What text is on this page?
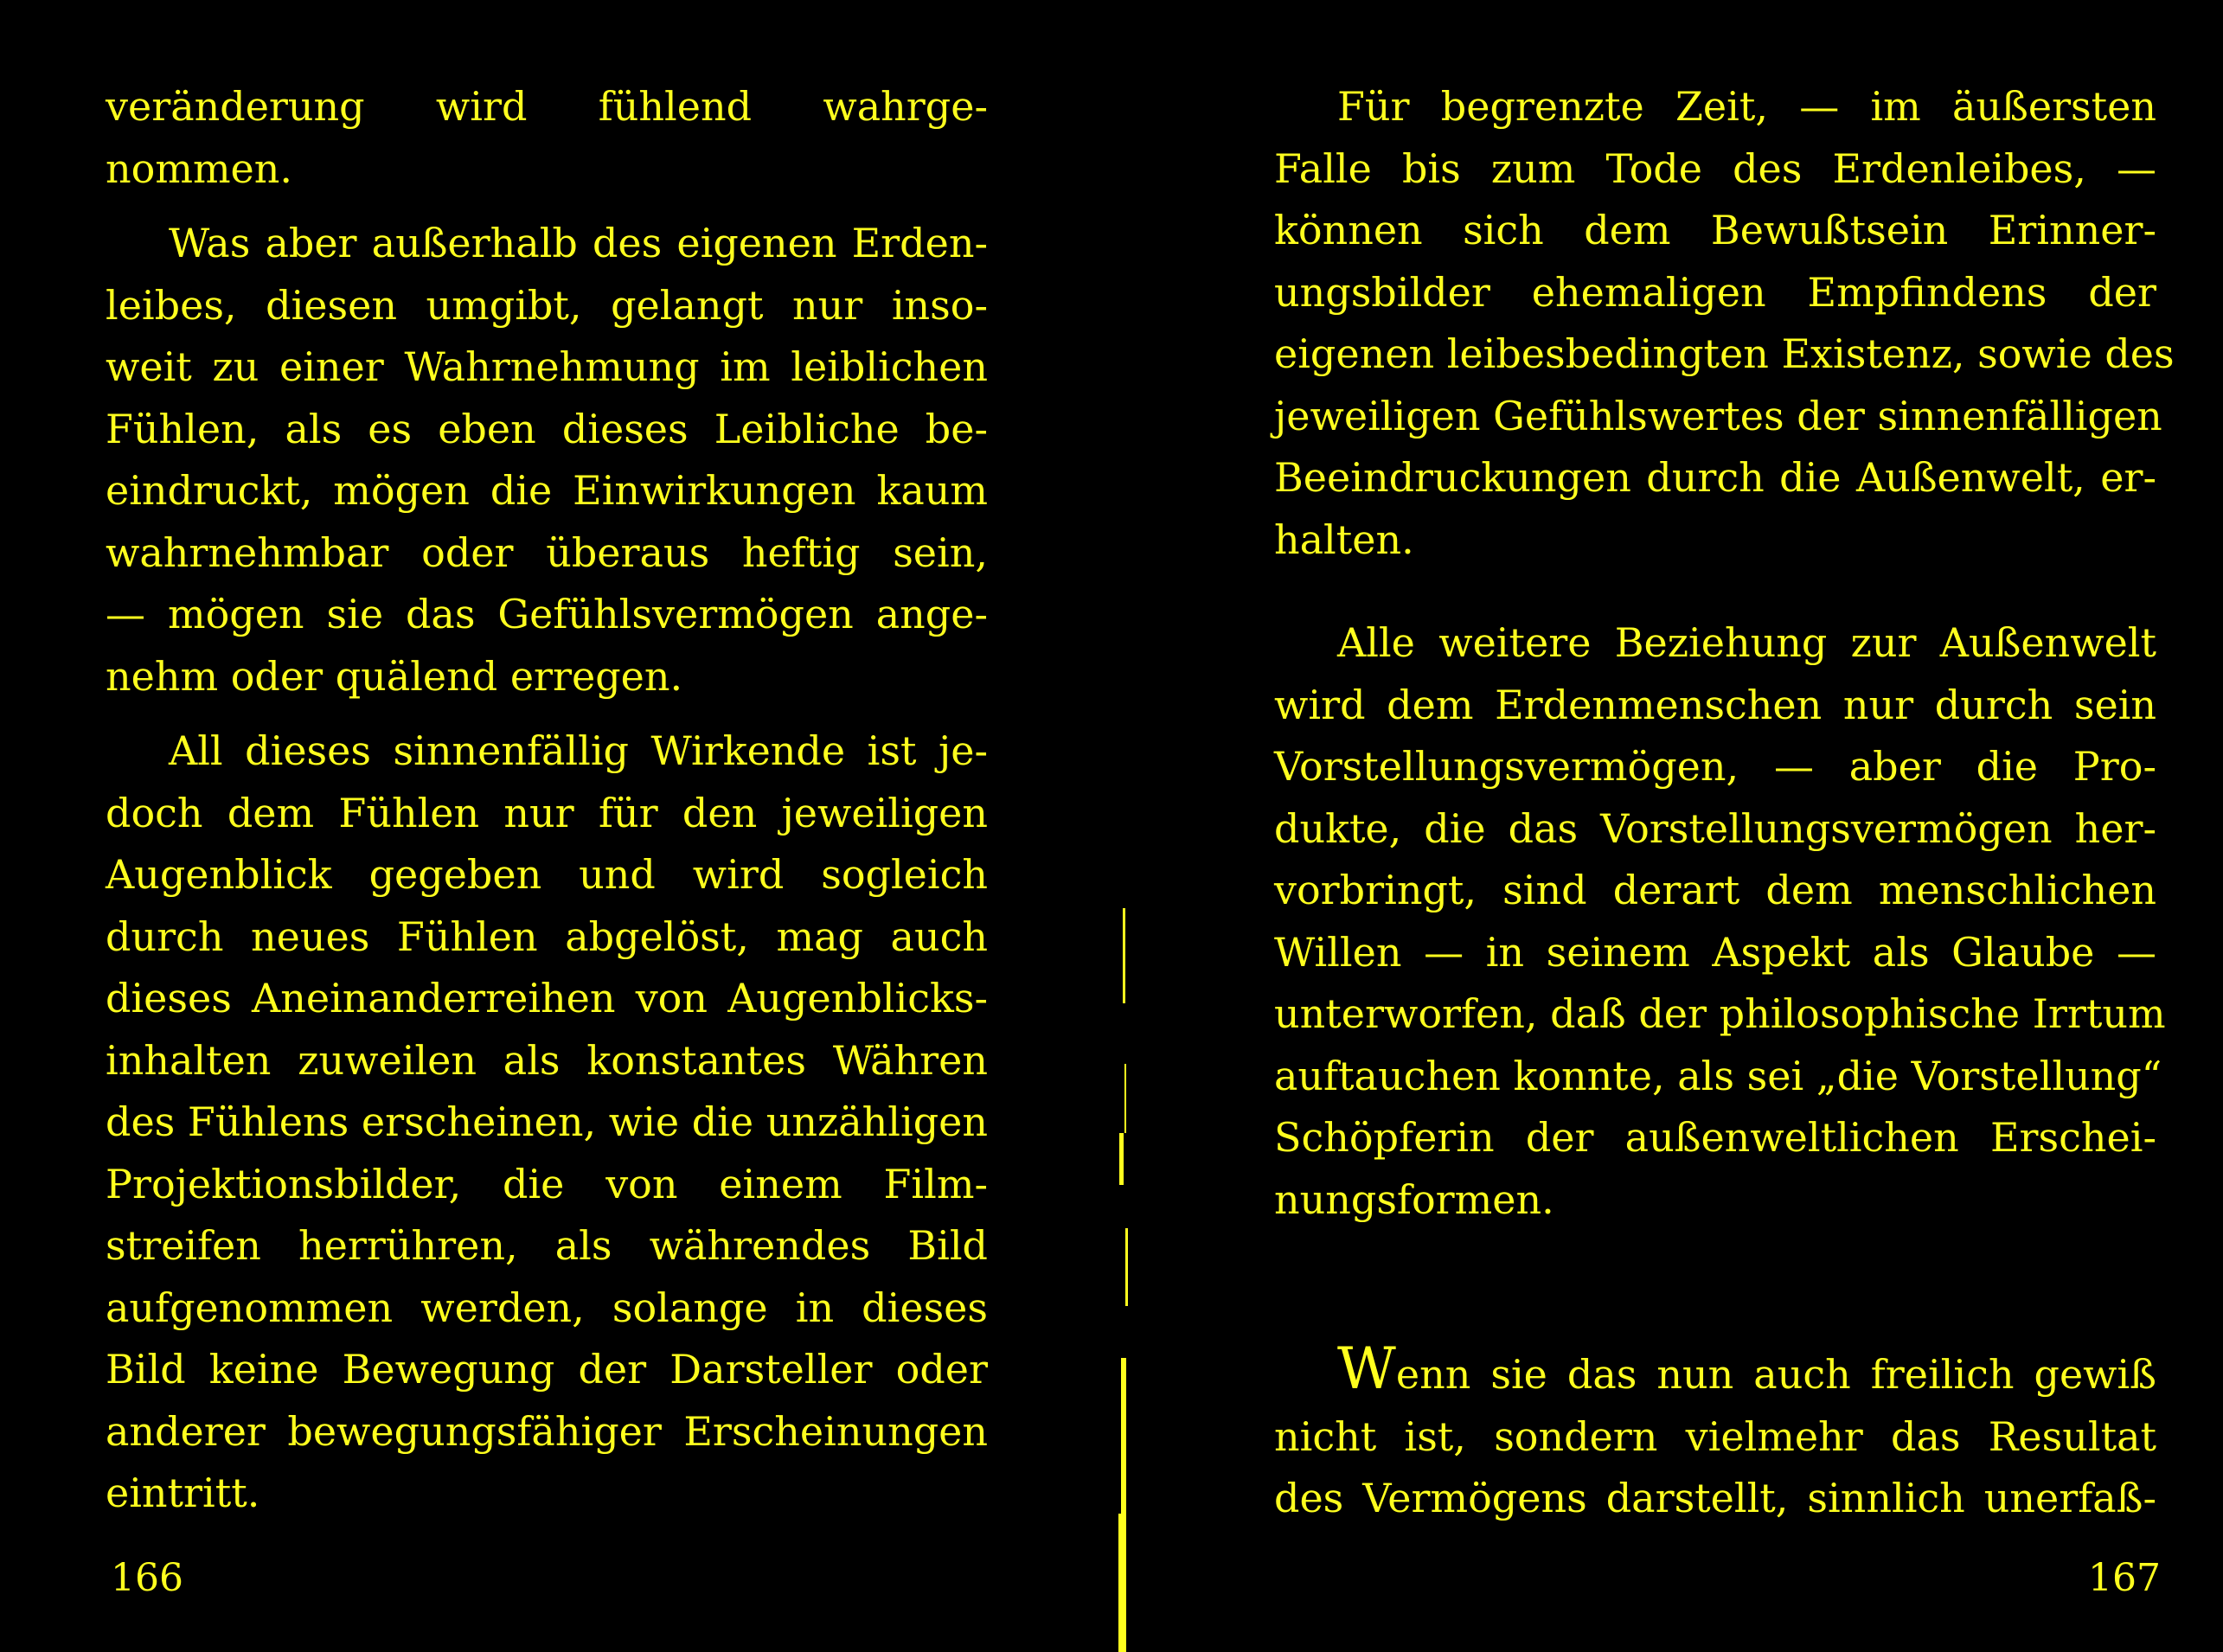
veränderung wird fühlend wahrge-
nommen.
Was aber außerhalb des eigenen Erden-
leibes, diesen umgibt, gelangt nur inso-
weit zu einer Wahrnehmung im leiblichen
Fühlen, als es eben dieses Leibliche be-
eindruckt, mögen die Einwirkungen kaum
wahrnehmbar oder überaus heftig sein,
— mögen sie das Gefühlsvermögen ange-
nehm oder quälend erregen.
All dieses sinnenfällig Wirkende ist je-
doch dem Fühlen nur für den jeweiligen
Augenblick gegeben und wird sogleich
durch neues Fühlen abgelöst, mag auch
dieses Aneinanderreihen von Augenblicks-
inhalten zuweilen als konstantes Währen
des Fühlens erscheinen, wie die unzähligen
Projektionsbilder, die von einem Film-
streifen herrühren, als währendes Bild
aufgenommen werden, solange in dieses
Bild keine Bewegung der Darsteller oder
anderer bewegungsfähiger Erscheinungen
eintritt.
166
Für begrenzte Zeit, — im äußersten
Falle bis zum Tode des Erdenleibes, —
können sich dem Bewußtsein Erinner-
ungsbilder ehemaligen Empfindens der
eigenen leibesbedingten Existenz, sowie des
jeweiligen Gefühlswertes der sinnenfälligen
Beeindruckungen durch die Außenwelt, er-
halten.
Alle weitere Beziehung zur Außenwelt
wird dem Erdenmenschen nur durch sein
Vorstellungsvermögen, — aber die Pro-
dukte, die das Vorstellungsvermögen her-
vorbringt, sind derart dem menschlichen
Willen — in seinem Aspekt als Glaube —
unterworfen, daß der philosophische Irrtum
auftauchen konnte, als sei „die Vorstellung“
Schöpferin der außenweltlichen Erschei-
nungsformen.
Wenn sie das nun auch freilich gewiß
nicht ist, sondern vielmehr das Resultat
des Vermögens darstellt, sinnlich unerfaß-
167
